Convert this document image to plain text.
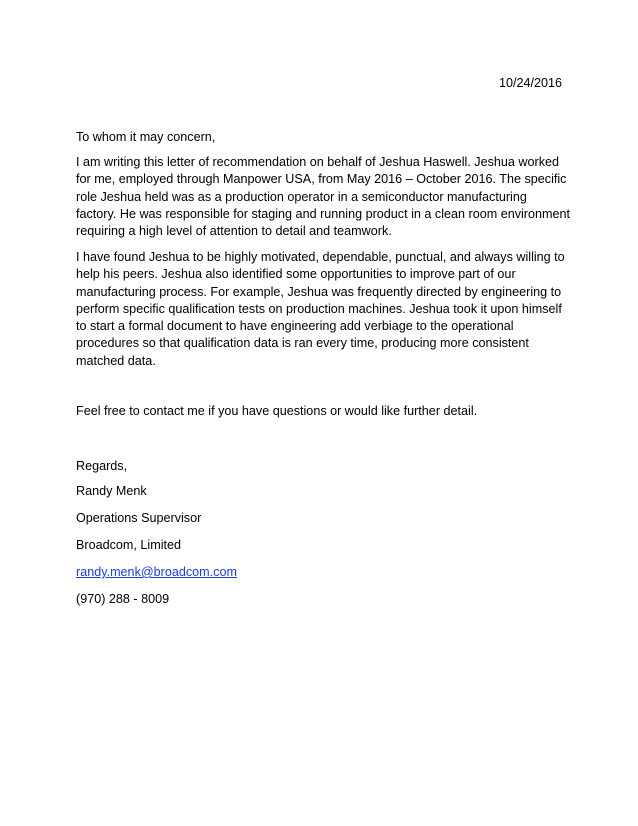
10/24/2016

To whom it may concern,

I am writing this letter of recommendation on behalf of Jeshua Haswell. Jeshua worked for me, employed through Manpower USA, from May 2016 – October 2016. The specific role Jeshua held was as a production operator in a semiconductor manufacturing factory. He was responsible for staging and running product in a clean room environment requiring a high level of attention to detail and teamwork.

I have found Jeshua to be highly motivated, dependable, punctual, and always willing to help his peers. Jeshua also identified some opportunities to improve part of our manufacturing process. For example, Jeshua was frequently directed by engineering to perform specific qualification tests on production machines. Jeshua took it upon himself to start a formal document to have engineering add verbiage to the operational procedures so that qualification data is ran every time, producing more consistent matched data.

Feel free to contact me if you have questions or would like further detail.

Regards,

Randy Menk

Operations Supervisor

Broadcom, Limited

randy.menk@broadcom.com

(970) 288 - 8009
